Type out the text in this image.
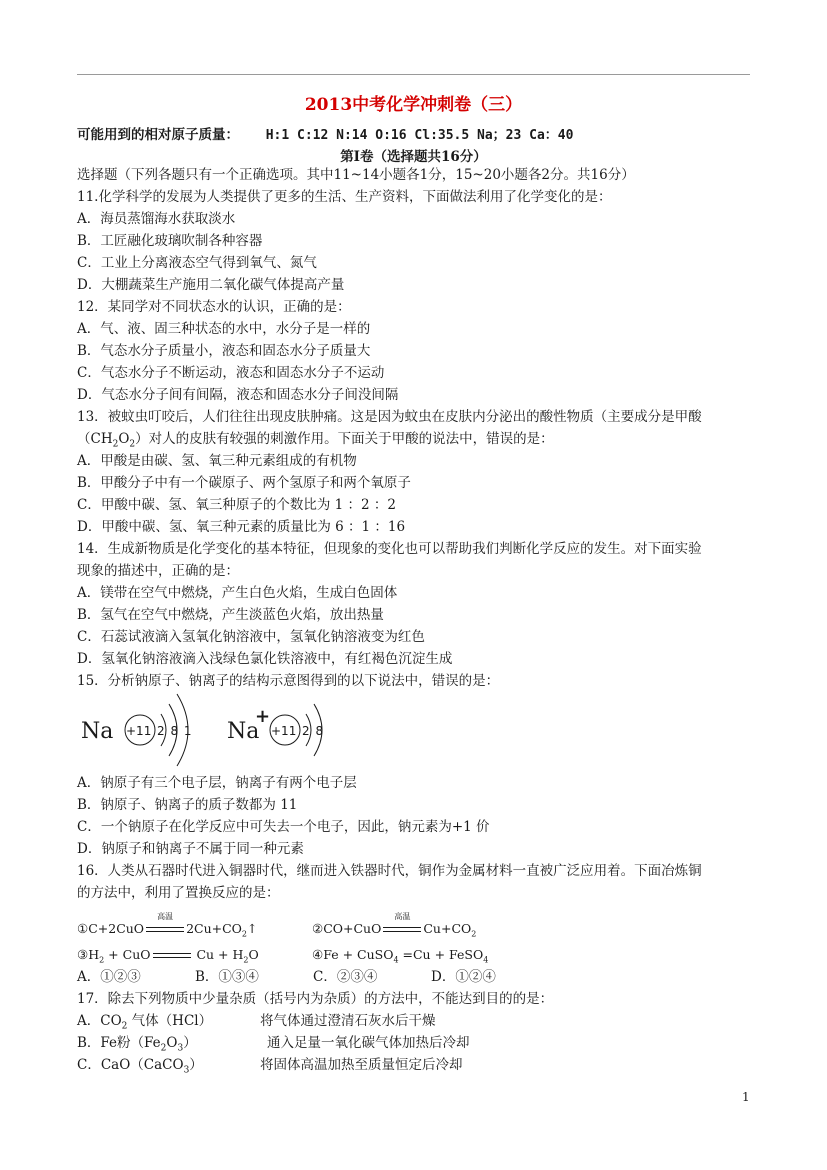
2013中考化学冲刺卷（三）
可能用到的相对原子质量： H:1 C:12 N:14 O:16 Cl:35.5 Na；23 Ca：40
第Ⅰ卷（选择题共16分）
选择题（下列各题只有一个正确选项。其中11~14小题各1分，15~20小题各2分。共16分）
11.化学科学的发展为人类提供了更多的生活、生产资料，下面做法利用了化学变化的是：
A．海员蒸馏海水获取淡水
B．工匠融化玻璃吹制各种容器
C．工业上分离液态空气得到氧气、氮气
D．大棚蔬菜生产施用二氧化碳气体提高产量
12．某同学对不同状态水的认识，正确的是：
A．气、液、固三种状态的水中，水分子是一样的
B．气态水分子质量小，液态和固态水分子质量大
C．气态水分子不断运动，液态和固态水分子不运动
D．气态水分子间有间隔，液态和固态水分子间没间隔
13．被蚊虫叮咬后，人们往往出现皮肤肿痛。这是因为蚊虫在皮肤内分泌出的酸性物质（主要成分是甲酸
$(CH_2O_2)$对人的皮肤有较强的刺激作用。下面关于甲酸的说法中，错误的是：
A．甲酸是由碳、氢、氧三种元素组成的有机物
B．甲酸分子中有一个碳原子、两个氢原子和两个氧原子
C．甲酸中碳、氢、氧三种原子的个数比为 1 ：2 ：2
D．甲酸中碳、氢、氧三种元素的质量比为 6 ：1 ：16
14．生成新物质是化学变化的基本特征，但现象的变化也可以帮助我们判断化学反应的发生。对下面实验
现象的描述中，正确的是：
A．镁带在空气中燃烧，产生白色火焰，生成白色固体
B．氢气在空气中燃烧，产生淡蓝色火焰，放出热量
C．石蕊试液滴入氢氧化钠溶液中，氢氧化钠溶液变为红色
D．氢氧化钠溶液滴入浅绿色氯化铁溶液中，有红褐色沉淀生成
15．分析钠原子、钠离子的结构示意图得到的以下说法中，错误的是：
Na +11 2 8 1 Na
+
+11 2 8
A．钠原子有三个电子层，钠离子有两个电子层
B．钠原子、钠离子的质子数都为 11
C．一个钠原子在化学反应中可失去一个电子，因此，钠元素为+1 价
D．钠原子和钠离子不属于同一种元素
16．人类从石器时代进入铜器时代，继而进入铁器时代，铜作为金属材料一直被广泛应用着。下面冶炼铜
的方法中，利用了置换反应的是：
①C+2CuO
高温
$2Cu+CO_2↑$	②CO+CuO
高温
$Cu+CO_2$
$③H_2$ + CuO	$Cu + H_2O$	④Fe + CuSO$_4$ =Cu + FeSO$_4$
A．①②③	B．①③④	C．②③④	D．①②④
17．除去下列物质中少量杂质（括号内为杂质）的方法中，不能达到目的的是：
A．$CO_2$ 气体（HCl）	将气体通过澄清石灰水后干燥
B．Fe粉$(Fe_2O_3)$	通入足量一氧化碳气体加热后冷却
C．CaO（CaCO$_3$）	将固体高温加热至质量恒定后冷却
1
